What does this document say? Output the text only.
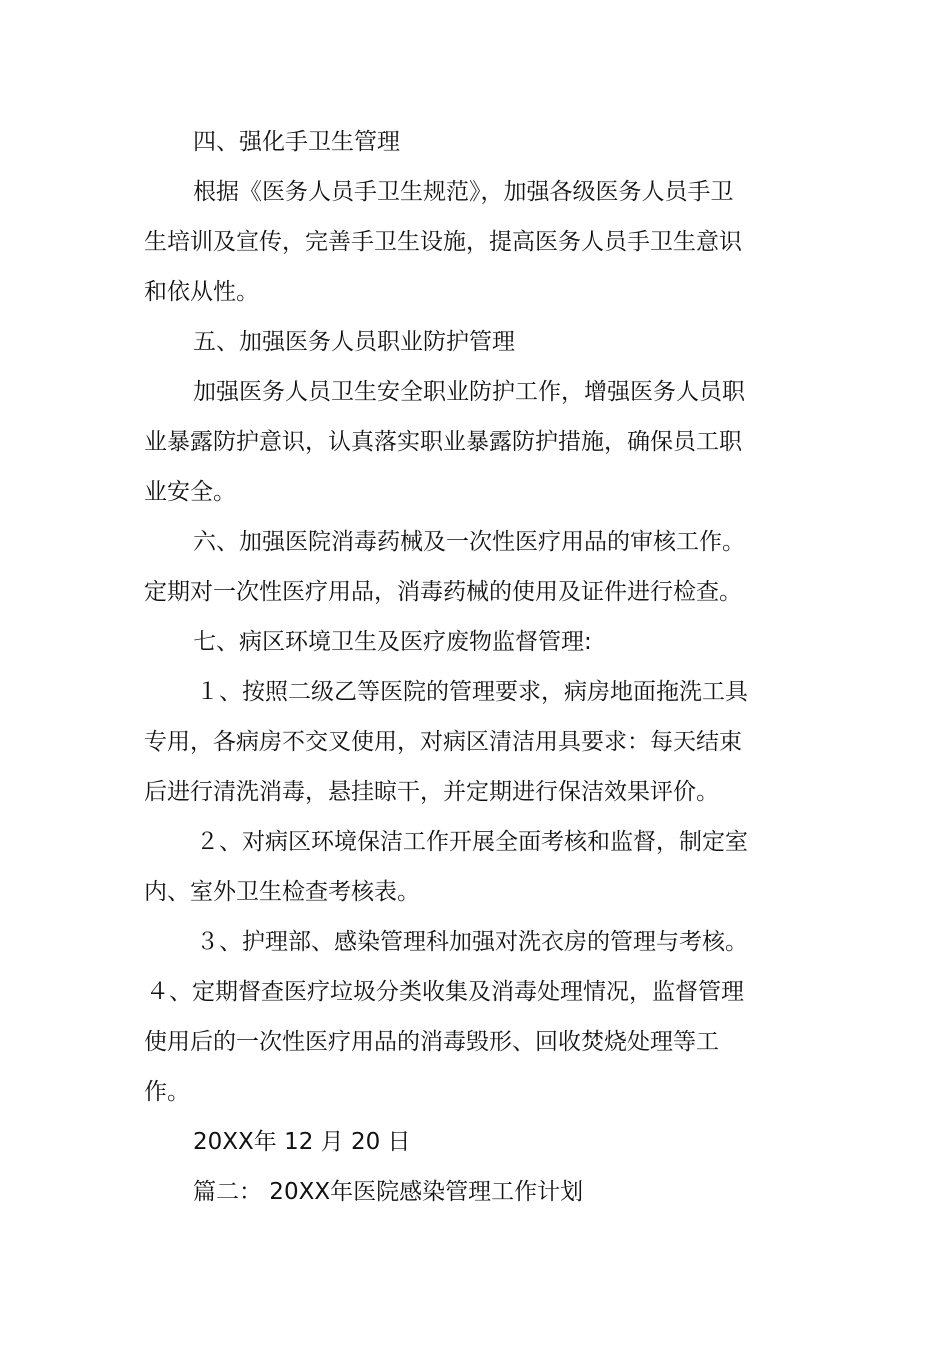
四、强化手卫生管理
根据《医务人员手卫生规范》，加强各级医务人员手卫
生培训及宣传，完善手卫生设施，提高医务人员手卫生意识
和依从性。
五、加强医务人员职业防护管理
加强医务人员卫生安全职业防护工作，增强医务人员职
业暴露防护意识，认真落实职业暴露防护措施，确保员工职
业安全。
六、加强医院消毒药械及一次性医疗用品的审核工作。
定期对一次性医疗用品，消毒药械的使用及证件进行检查。
七、病区环境卫生及医疗废物监督管理:
１、按照二级乙等医院的管理要求，病房地面拖洗工具
专用，各病房不交叉使用，对病区清洁用具要求：每天结束
后进行清洗消毒，悬挂晾干，并定期进行保洁效果评价。
２、对病区环境保洁工作开展全面考核和监督，制定室
内、室外卫生检查考核表。
３、护理部、感染管理科加强对洗衣房的管理与考核。
４、定期督查医疗垃圾分类收集及消毒处理情况，监督管理
使用后的一次性医疗用品的消毒毁形、回收焚烧处理等工
作。
20XX年 12 月 20 日
篇二： 20XX年医院感染管理工作计划
